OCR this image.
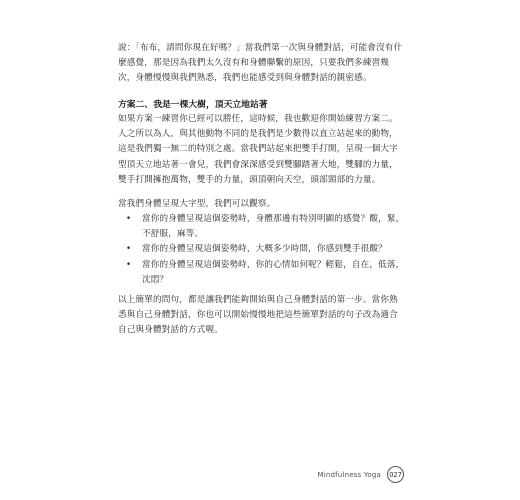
說：「布布，請問你現在好嗎？」當我們第一次與身體對話，可能會沒有什麼感覺，那是因為我們太久沒有和身體聯繫的原因，只要我們多練習幾次，身體慢慢與我們熟悉，我們也能感受到與身體對話的親密感。

方案二、我是一棵大樹，頂天立地站著

如果方案一練習你已經可以勝任，這時候，我也歡迎你開始練習方案二。人之所以為人，與其他動物不同的是我們是少數得以直立站起來的動物，這是我們獨一無二的特別之處。當我們站起來把雙手打開，呈現一個大字型頂天立地站著一會兒，我們會深深感受到雙腳踏著大地，雙腳的力量，雙手打開擁抱萬物，雙手的力量，頭頂朝向天空，頭部頸部的力量。

當我們身體呈現大字型，我們可以觀察。

• 當你的身體呈現這個姿勢時，身體那邊有特別明顯的感覺？酸，緊，不舒服，麻等。
• 當你的身體呈現這個姿勢時，大概多少時間，你感到雙手很酸？
• 當你的身體呈現這個姿勢時，你的心情如何呢？輕鬆，自在，低落，沈悶？

以上簡單的問句，都是讓我們能夠開始與自己身體對話的第一步。當你熟悉與自己身體對話，你也可以開始慢慢地把這些簡單對話的句子改為適合自己與身體對話的方式喔。

Mindfulness Yoga	027
